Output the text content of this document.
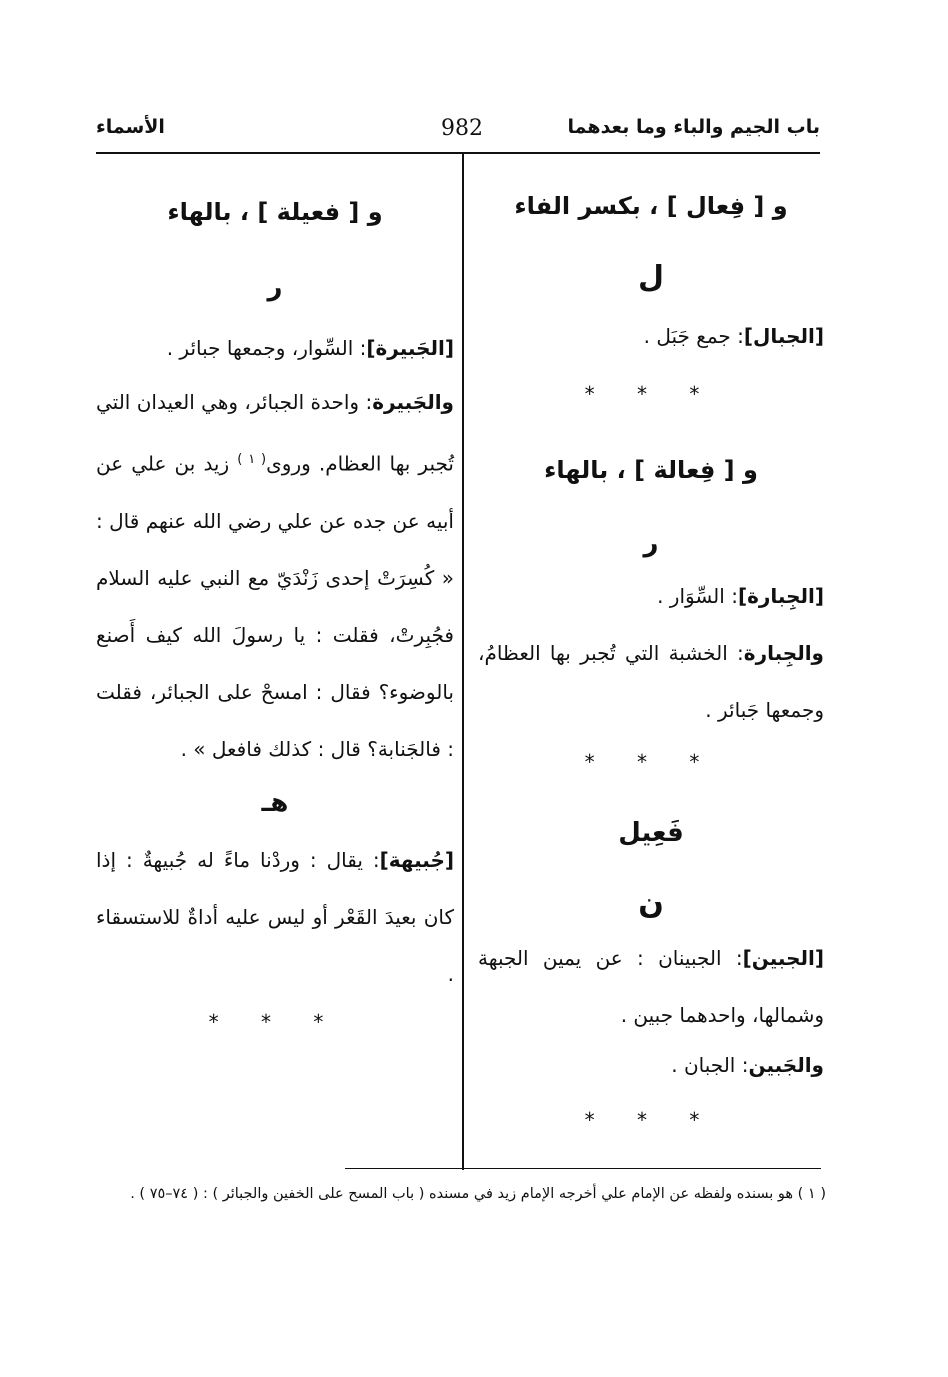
باب الجيم والباء وما بعدهما
982
الأسماء
و [ فِعال ] ، بكسر الفاء
ل
[الجبال]: جمع جَبَل .
* * *
و [ فِعالة ] ، بالهاء
ر
[الجِبارة]: السِّوَار .
والجِبارة: الخشبة التي تُجبر بها العظامُ، وجمعها جَبائر .
* * *
فَعِيل
ن
[الجبين]: الجبينان : عن يمين الجبهة وشمالها، واحدهما جبين .
والجَبين: الجبان .
* * *
و [ فعيلة ] ، بالهاء
ر
[الجَبيرة]: السِّوار، وجمعها جبائر .
والجَبيرة: واحدة الجبائر، وهي العيدان التي تُجبر بها العظام. وروى$^{( ١ )}$ زيد بن علي عن أبيه عن جده عن علي رضي الله عنهم قال : « كُسِرَتْ إحدى زَنْدَيّ مع النبي عليه السلام فجُبِرتْ، فقلت : يا رسولَ الله كيف أَصنع بالوضوء؟ فقال : امسحْ على الجبائر، فقلت : فالجَنابة؟ قال : كذلك فافعل » .
هـ
[جُبيهة]: يقال : وردْنا ماءً له جُبيهةٌ : إذا كان بعيدَ القَعْر أو ليس عليه أداةٌ للاستسقاء .
* * *
( ١ ) هو بسنده ولفظه عن الإمام علي أخرجه الإمام زيد في مسنده ( باب المسح على الخفين والجبائر ) : ( ٧٤–٧٥ ) .
